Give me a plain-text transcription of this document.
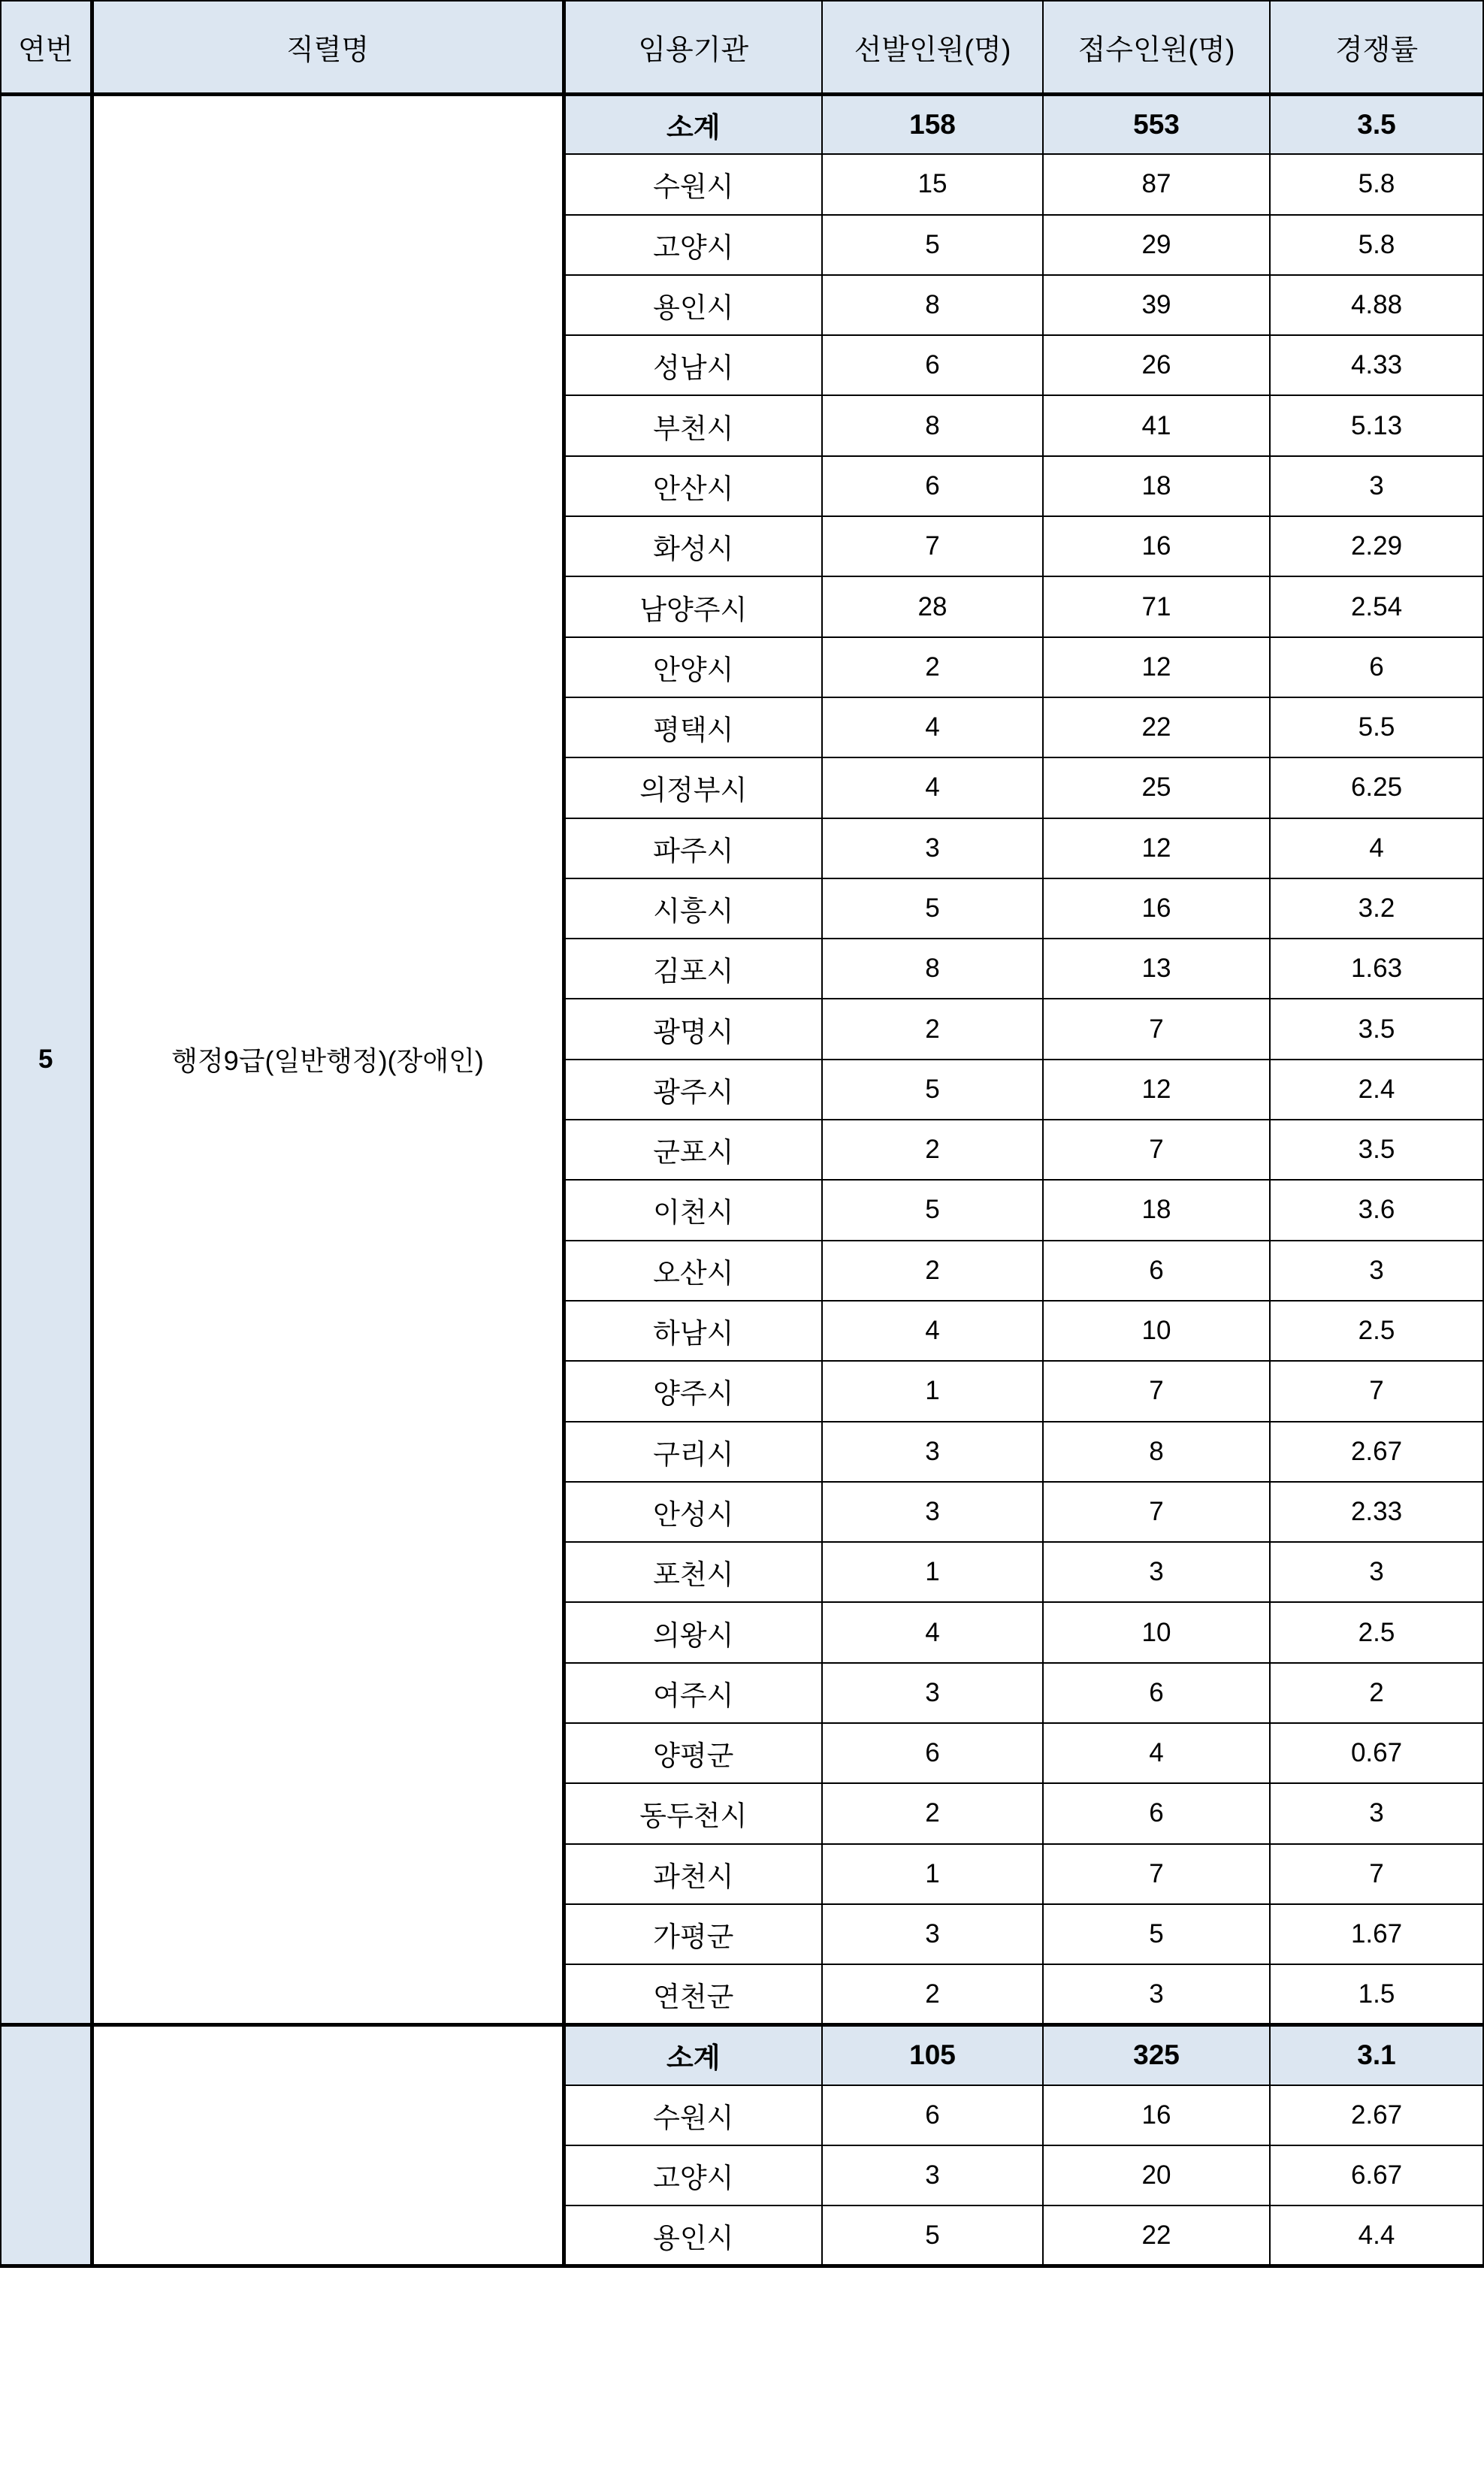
연번	직렬명	임용기관	선발인원(명)	접수인원(명)	경쟁률
5	행정9급(일반행정)(장애인)	소계	158	553	3.5
		수원시	15	87	5.8
		고양시	5	29	5.8
		용인시	8	39	4.88
		성남시	6	26	4.33
		부천시	8	41	5.13
		안산시	6	18	3
		화성시	7	16	2.29
		남양주시	28	71	2.54
		안양시	2	12	6
		평택시	4	22	5.5
		의정부시	4	25	6.25
		파주시	3	12	4
		시흥시	5	16	3.2
		김포시	8	13	1.63
		광명시	2	7	3.5
		광주시	5	12	2.4
		군포시	2	7	3.5
		이천시	5	18	3.6
		오산시	2	6	3
		하남시	4	10	2.5
		양주시	1	7	7
		구리시	3	8	2.67
		안성시	3	7	2.33
		포천시	1	3	3
		의왕시	4	10	2.5
		여주시	3	6	2
		양평군	6	4	0.67
		동두천시	2	6	3
		과천시	1	7	7
		가평군	3	5	1.67
		연천군	2	3	1.5
		소계	105	325	3.1
		수원시	6	16	2.67
		고양시	3	20	6.67
		용인시	5	22	4.4
